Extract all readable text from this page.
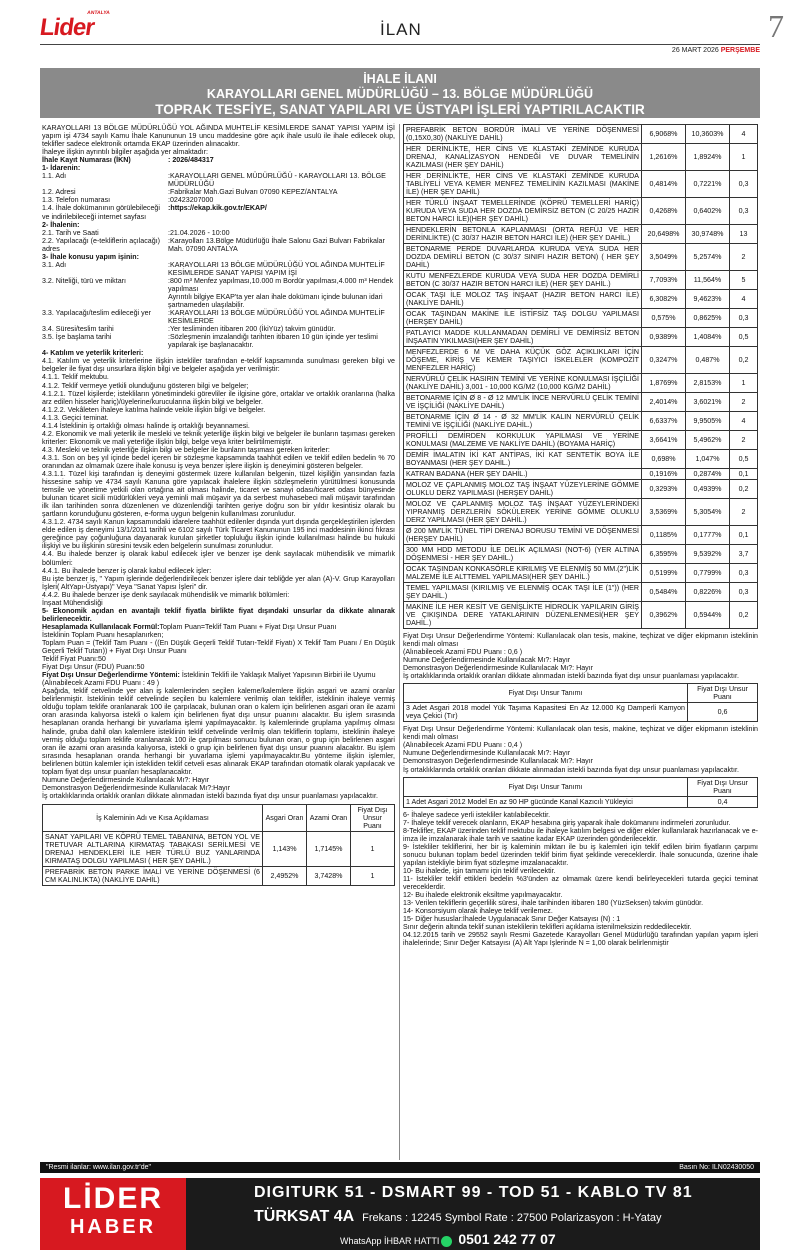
Lider
ANTALYA
İLAN	7
26 MART 2026 PERŞEMBE
İHALE İLANI
KARAYOLLARI GENEL MÜDÜRLÜĞÜ – 13. BÖLGE MÜDÜRLÜĞÜ
TOPRAK TESFİYE, SANAT YAPILARI VE ÜSTYAPI İŞLERİ YAPTIRILACAKTIR

KARAYOLLARI 13 BÖLGE MÜDÜRLÜĞÜ YOL AĞINDA MUHTELİF KESİMLERDE SANAT YAPISI YAPIM İŞİ yapım işi 4734 sayılı Kamu İhale Kanununun 19 uncu maddesine göre açık ihale usulü ile ihale edilecek olup, teklifler sadece elektronik ortamda EKAP üzerinden alınacaktır.

İhaleye ilişkin ayrıntılı bilgiler aşağıda yer almaktadır:

İhale Kayıt Numarası (İKN)	: 2026/484317
1- İdarenin:
1.1. Adı	:KARAYOLLARI GENEL MÜDÜRLÜĞÜ - KARAYOLLARI 13. BÖLGE MÜDÜRLÜĞÜ
1.2. Adresi	:Fabrikalar Mah.Gazi Bulvarı 07090 KEPEZ/ANTALYA
1.3. Telefon numarası	:02423207000
1.4. İhale dokümanının görülebileceği ve indirilebileceği internet sayfası
:https://ekap.kik.gov.tr/EKAP/
2- İhalenin:
2.1. Tarih ve Saati	:21.04.2026 - 10:00
2.2. Yapılacağı (e-tekliflerin açılacağı) adres
:Karayolları 13.Bölge Müdürlüğü İhale Salonu Gazi Bulvarı Fabrikalar Mah. 07090 ANTALYA
3- İhale konusu yapım işinin:
3.1. Adı	:KARAYOLLARI 13 BÖLGE MÜDÜRLÜĞÜ YOL AĞINDA MUHTELİF KESİMLERDE SANAT YAPISI YAPIM İŞİ
3.2. Niteliği, türü ve miktarı	:800 m³ Menfez yapılması,10.000 m Bordür yapılması,4.000 m³ Hendek yapılması
Ayrıntılı bilgiye EKAP'ta yer alan ihale dokümanı içinde bulunan idari şartnameden ulaşılabilir.
3.3. Yapılacağı/teslim edileceği yer	:KARAYOLLARI 13 BÖLGE MÜDÜRLÜĞÜ YOL AĞINDA MUHTELİF KESİMLERDE
3.4. Süresi/teslim tarihi	:Yer tesliminden itibaren 200 (İkiYüz) takvim günüdür.
3.5. İşe başlama tarihi	:Sözleşmenin imzalandığı tarihten itibaren 10 gün içinde yer teslimi yapılarak işe başlanacaktır.
4- Katılım ve yeterlik kriterleri:

4.1. Katılım ve yeterlik kriterlerine ilişkin istekliler tarafından e-teklif kapsamında sunulması gereken bilgi ve belgeler ile fiyat dışı unsurlara ilişkin bilgi ve belgeler aşağıda yer verilmiştir:

4.1.1. Teklif mektubu.

4.1.2. Teklif vermeye yetkili olunduğunu gösteren bilgi ve belgeler;

4.1.2.1. Tüzel kişilerde; istekliların yönetimindeki görevliler ile ilgisine göre, ortaklar ve ortaklık oranlarına (halka arz edilen hisseler hariç)/üyelerine/kurucularına ilişkin bilgi ve belgeler.

4.1.2.2. Vekâleten ihaleye katılma halinde vekile ilişkin bilgi ve belgeler.

4.1.3. Geçici teminat.

4.1.4 İsteklinin iş ortaklığı olması halinde iş ortaklığı beyannamesi.

4.2. Ekonomik ve mali yeterlik ile mesleki ve teknik yeterliğe ilişkin bilgi ve belgeler ile bunların taşıması gereken kriterler: Ekonomik ve mali yeterliğe ilişkin bilgi, belge veya kriter belirtilmemiştir.

4.3. Mesleki ve teknik yeterliğe ilişkin bilgi ve belgeler ile bunların taşıması gereken kriterler:

4.3.1. Son on beş yıl içinde bedel içeren bir sözleşme kapsamında taahhüt edilen ve teklif edilen bedelin % 70 oranından az olmamak üzere ihale konusu iş veya benzer işlere ilişkin iş deneyimini gösteren belgeler.

4.3.1.1. Tüzel kişi tarafından iş deneyimi göstermek üzere kullanılan belgenin, tüzel kişiliğin yarısından fazla hissesine sahip ve 4734 sayılı Kanuna göre yapılacak ihalelere ilişkin sözleşmelerin yürütülmesi konusunda temsile ve yönetime yetkili olan ortağına ait olması halinde, ticaret ve sanayi odası/ticaret odası bünyesinde bulunan ticaret sicili müdürlükleri veya yeminli mali müşavir ya da serbest muhasebeci mali müşavir tarafından ilk ilan tarihinden sonra düzenlenen ve düzenlendiği tarihten geriye doğru son bir yıldır kesintisiz olarak bu şartların korunduğunu gösteren, e-forma uygun belgenin kullanılması zorunludur.

4.3.1.2. 4734 sayılı Kanun kapsamındaki idarelere taahhüt edilenler dışında yurt dışında gerçekleştirilen işlerden elde edilen iş deneyimi 13/1/2011 tarihli ve 6102 sayılı Türk Ticaret Kanununun 195 inci maddesinin ikinci fıkrası gereğince pay çoğunluğuna dayanarak kurulan şirketler topluluğu ilişkin içinde kullanılması halinde bu hukuki ilişkiyi ve bu ilişkinin süresini tevsik eden belgelerin sunulması zorunludur.

4.4. Bu ihalede benzer iş olarak kabul edilecek işler ve benzer işe denk sayılacak mühendislik ve mimarlık bölümleri:

4.4.1. Bu ihalede benzer iş olarak kabul edilecek işler:

Bu işte benzer iş, " Yapım işlerinde değerlendirilecek benzer işlere dair tebliğde yer alan (A)-V. Grup Karayolları İşleri( AltYapı-Üstyapı)" Veya "Sanat Yapısı İşleri" dir.

4.4.2. Bu ihalede benzer işe denk sayılacak mühendislik ve mimarlık bölümleri:

İnşaat Mühendisliği

5- Ekonomik açıdan en avantajlı teklif fiyatla birlikte fiyat dışındaki unsurlar da dikkate alınarak belirlenecektir.

Hesaplamada Kullanılacak Formül:Toplam Puan=Teklif Tam Puanı + Fiyat Dışı Unsur Puanı

İsteklinin Toplam Puanı hesaplanırken;

Toplam Puan = (Teklif Tam Puanı - ((En Düşük Geçerli Teklif Tutarı-Teklif Fiyatı) X Teklif Tam Puanı / En Düşük Geçerli Teklif Tutarı)) + Fiyat Dışı Unsur Puanı

Teklif Fiyat Puanı:50

Fiyat Dışı Unsur (FDU) Puanı:50

Fiyat Dışı Unsur Değerlendirme Yöntemi: İsteklinin Teklifi ile Yaklaşık Maliyet Yapısının Birbiri ile Uyumu

(Alınabilecek Azami FDU Puanı : 49 )

Aşağıda, teklif cetvelinde yer alan iş kalemlerinden seçilen kaleme/kalemlere ilişkin asgari ve azami oranlar belirlenmiştir. İsteklinin teklif cetvelinde seçilen bu kalemlere verilmiş olan teklifler, isteklinin ihaleye vermiş olduğu toplam teklife oranlanarak 100 ile çarpılacak, bulunan oran o kalem için belirlenen asgari oran ile azami oran arasında kalıyorsa istekli o kalem için belirlenen fiyat dışı unsur puanını alacaktır. Bu işlem sırasında hesaplanan oranda herhangi bir yuvarlama işlemi yapılmayacaktır. İş kalemlerinde gruplama yapılmış olması halinde, gruba dahil olan kalemlere isteklinin teklif cetvelinde verilmiş olan tekliflerin toplamı, isteklinin ihaleye vermiş olduğu toplam teklife oranlanarak 100 ile çarpılması sonucu bulunan oran, o grup için belirlenen asgari oran ile azami oran arasında kalıyorsa, istekli o grup için belirlenen fiyat dışı unsur puanını alacaktır. Bu işlem sırasında hesaplanan oranda herhangi bir yuvarlama işlemi yapılmayacaktır.Bu yönteme ilişkin işlemler, belirlenen bütün kalemler için istekliden teklif cetveli esas alınarak EKAP tarafından otomatik olarak yapılacak ve toplam fiyat dışı unsur puanları hesaplanacaktır.

Numune Değerlendirmesinde Kullanılacak Mı?: Hayır

Demonstrasyon Değerlendirmesinde Kullanılacak Mı?:Hayır

İş ortaklıklarında ortaklık oranları dikkate alınmadan istekli bazında fiyat dışı unsur puanlaması yapılacaktır.

İş Kaleminin Adı ve Kısa Açıklaması	Asgari Oran	Azami Oran	Fiyat Dışı Unsur Puanı
SANAT YAPILARI VE KÖPRÜ TEMEL TABANINA, BETON YOL VE TRETUVAR ALTLARINA KIRMATAŞ TABAKASI SERİLMESİ VE DRENAJ HENDEKLERİ İLE HER TÜRLÜ BUZ YANLARINDA KIRMATAŞ DOLGU YAPILMASI ( HER ŞEY DAHİL.)	1,143%	1,7145%	1
PREFABRİK BETON PARKE İMALİ VE YERİNE DÖŞENMESİ (6 CM KALINLIKTA) (NAKLİYE DAHİL)	2,4952%	3,7428%	1
PREFABRİK BETON BORDÜR İMALİ VE YERİNE DÖŞENMESİ (0,15X0,30) (NAKLİYE DAHİL)	6,9068%	10,3603%	4
HER DERİNLİKTE, HER CİNS VE KLASTAKİ ZEMİNDE KURUDA DRENAJ, KANALİZASYON HENDEĞİ VE DUVAR TEMELİNİN KAZILMASI (HER ŞEY DAHİL)	1,2616%	1,8924%	1
HER DERİNLİKTE, HER CİNS VE KLASTAKİ ZEMİNDE KURUDA TABLİYELİ VEYA KEMER MENFEZ TEMELİNİN KAZILMASI (MAKİNE İLE) (HER ŞEY DAHİL)	0,4814%	0,7221%	0,3
HER TÜRLÜ İNŞAAT TEMELLERİNDE (KÖPRÜ TEMELLERİ HARİÇ) KURUDA VEYA SUDA HER DOZDA DEMİRSİZ BETON (C 20/25 HAZIR BETON HARCI İLE)(HER ŞEY DAHİL)	0,4268%	0,6402%	0,3
HENDEKLERİN BETONLA KAPLANMASI (ORTA REFÜJ VE HER DERİNLİKTE) (C 30/37 HAZIR BETON HARCI İLE) (HER ŞEY DAHİL.)	20,6498%	30,9748%	13
BETONARME PERDE DUVARLARDA KURUDA VEYA SUDA HER DOZDA DEMİRLİ BETON (C 30/37 SINIFI HAZIR BETON) ( HER ŞEY DAHİL)	3,5049%	5,2574%	2
KUTU MENFEZLERDE KURUDA VEYA SUDA HER DOZDA DEMİRLİ BETON (C 30/37 HAZIR BETON HARCI İLE) (HER ŞEY DAHİL.)	7,7093%	11,564%	5
OCAK TAŞI İLE MOLOZ TAŞ İNŞAAT (HAZIR BETON HARCI İLE) (NAKLİYE DAHİL)	6,3082%	9,4623%	4
OCAK TAŞINDAN MAKİNE İLE İSTİFSİZ TAŞ DOLGU YAPILMASI (HERŞEY DAHİL)	0,575%	0,8625%	0,3
PATLAYICI MADDE KULLANMADAN DEMİRLİ VE DEMİRSİZ BETON İNŞAATIN YIKILMASI(HER ŞEY DAHİL)	0,9389%	1,4084%	0,5
MENFEZLERDE 6 M VE DAHA KÜÇÜK GÖZ AÇIKLIKLARI İÇİN DÖŞEME, KİRİŞ VE KEMER TAŞIYICI İSKELELER (KOMPOZİT MENFEZLER HARİÇ)	0,3247%	0,487%	0,2
NERVÜRLÜ ÇELİK HASIRIN TEMİNİ VE YERİNE KONULMASI İŞÇİLİĞİ (NAKLİYE DAHİL) 3,001 - 10,000 KG/M2 (10,000 KG/M2 DAHİL)	1,8769%	2,8153%	1
BETONARME İÇİN Ø 8 - Ø 12 MM'LİK İNCE NERVÜRLÜ ÇELİK TEMİNİ VE İŞÇİLİĞİ (NAKLİYE DAHİL)	2,4014%	3,6021%	2
BETONARME İÇİN Ø 14 - Ø 32 MM'LİK KALIN NERVÜRLÜ ÇELİK TEMİNİ VE İŞÇİLİĞİ (NAKLİYE DAHİL.)	6,6337%	9,9505%	4
PROFİLLİ DEMİRDEN KORKULUK YAPILMASI VE YERİNE KONULMASI (MALZEME VE NAKLİYE DAHİL) (BOYAMA HARİÇ)	3,6641%	5,4962%	2
DEMİR İMALATIN İKİ KAT ANTİPAS, İKİ KAT SENTETİK BOYA İLE BOYANMASI (HER ŞEY DAHİL.)	0,698%	1,047%	0,5
KATRAN BADANA (HER ŞEY DAHİL.)	0,1916%	0,2874%	0,1
MOLOZ VE ÇAPLANMIŞ MOLOZ TAŞ İNŞAAT YÜZEYLERİNE GÖMME OLUKLU DERZ YAPILMASI (HERŞEY DAHİL)	0,3293%	0,4939%	0,2
MOLOZ VE ÇAPLANMIŞ MOLOZ TAŞ İNŞAAT YÜZEYLERİNDEKİ YIPRANMIŞ DERZLERİN SÖKÜLEREK YERİNE GÖMME OLUKLU DERZ YAPILMASI (HER ŞEY DAHİL.)	3,5369%	5,3054%	2
Ø 200 MM'LİK TÜNEL TİPİ DRENAJ BORUSU TEMİNİ VE DÖŞENMESİ (HERŞEY DAHİL)	0,1185%	0,1777%	0,1
300 MM HDD METODU İLE DELİK AÇILMASI (NOT-6) (YER ALTINA DÖŞENMESİ - HER ŞEY DAHİL.)	6,3595%	9,5392%	3,7
OCAK TAŞINDAN KONKASÖRLE KIRILMIŞ VE ELENMİŞ 50 MM.(2")LİK MALZEME İLE ALTTEMEL YAPILMASI(HER ŞEY DAHİL.)	0,5199%	0,7799%	0,3
TEMEL YAPILMASI (KIRILMIŞ VE ELENMİŞ OCAK TAŞI İLE (1")) (HER ŞEY DAHİL.)	0,5484%	0,8226%	0,3
MAKİNE İLE HER KESİT VE GENİŞLİKTE HİDROLİK YAPILARIN GİRİŞ VE ÇIKIŞINDA DERE YATAKLARININ DÜZENLENMESİ(HER ŞEY DAHİL.)	0,3962%	0,5944%	0,2

Fiyat Dışı Unsur Değerlendirme Yöntemi: Kullanılacak olan tesis, makine, teçhizat ve diğer ekipmanın isteklinin kendi malı olması

(Alınabilecek Azami FDU Puanı : 0,6 )

Numune Değerlendirmesinde Kullanılacak Mı?: Hayır

Demonstrasyon Değerlendirmesinde Kullanılacak Mı?: Hayır

İş ortaklıklarında ortaklık oranları dikkate alınmadan istekli bazında fiyat dışı unsur puanlaması yapılacaktır.

Fiyat Dışı Unsur Tanımı	Fiyat Dışı Unsur Puanı
3 Adet Asgari 2018 model Yük Taşıma Kapasitesi En Az 12.000 Kg Damperli Kamyon veya Çekici (Tır)	0,6

Fiyat Dışı Unsur Değerlendirme Yöntemi: Kullanılacak olan tesis, makine, teçhizat ve diğer ekipmanın isteklinin kendi malı olması

(Alınabilecek Azami FDU Puanı : 0,4 )

Numune Değerlendirmesinde Kullanılacak Mı?: Hayır

Demonstrasyon Değerlendirmesinde Kullanılacak Mı?: Hayır

İş ortaklıklarında ortaklık oranları dikkate alınmadan istekli bazında fiyat dışı unsur puanlaması yapılacaktır.

Fiyat Dışı Unsur Tanımı	Fiyat Dışı Unsur Puanı
1 Adet Asgari 2012 Model En az 90 HP gücünde Kanal Kazıcılı Yükleyici	0,4

6- İhaleye sadece yerli istekliler katılabilecektir.

7- İhaleye teklif verecek olanların, EKAP hesabına giriş yaparak ihale dokümanını indirmeleri zorunludur.

8-Teklifler, EKAP üzerinden teklif mektubu ile ihaleye katılım belgesi ve diğer ekler kullanılarak hazırlanacak ve e-imza ile imzalanarak ihale tarih ve saatine kadar EKAP üzerinden gönderilecektir.

9- İstekliler tekliflerini, her bir iş kaleminin miktarı ile bu iş kalemleri için teklif edilen birim fiyatların çarpımı sonucu bulunan toplam bedel üzerinden teklif birim fiyat şeklinde vereceklerdir. İhale sonucunda, üzerine ihale yapılan istekliyle birim fiyat sözleşme imzalanacaktır.

10- Bu ihalede, işin tamamı için teklif verilecektir.

11- İstekliler teklif ettikleri bedelin %3'ünden az olmamak üzere kendi belirleyecekleri tutarda geçici teminat vereceklerdir.

12- Bu ihalede elektronik eksiltme yapılmayacaktır.

13- Verilen tekliflerin geçerlilik süresi, ihale tarihinden itibaren 180 (YüzSeksen) takvim günüdür.

14- Konsorsiyum olarak ihaleye teklif verilemez.

15- Diğer hususlar:İhalede Uygulanacak Sınır Değer Katsayısı (N) : 1

Sınır değerin altında teklif sunan isteklilerin teklifleri açıklama istenilmeksizin reddedilecektir.

04.12.2015 tarih ve 29552 sayılı Resmi Gazetede Karayolları Genel Müdürlüğü tarafından yapılan yapım işleri ihalelerinde; Sınır Değer Katsayısı (A) Alt Yapı İşlerinde N = 1,00 olarak belirlenmiştir

"Resmi ilanlar: www.ilan.gov.tr'de"	Basın No: ILN02430050
LİDER
HABER
DIGITURK 51 - DSMART 99 - TOD 51 - KABLO TV 81
TÜRKSAT 4A Frekans : 12245 Symbol Rate : 27500 Polarizasyon : H-Yatay
WhatsApp İHBAR HATTI 0501 242 77 07
